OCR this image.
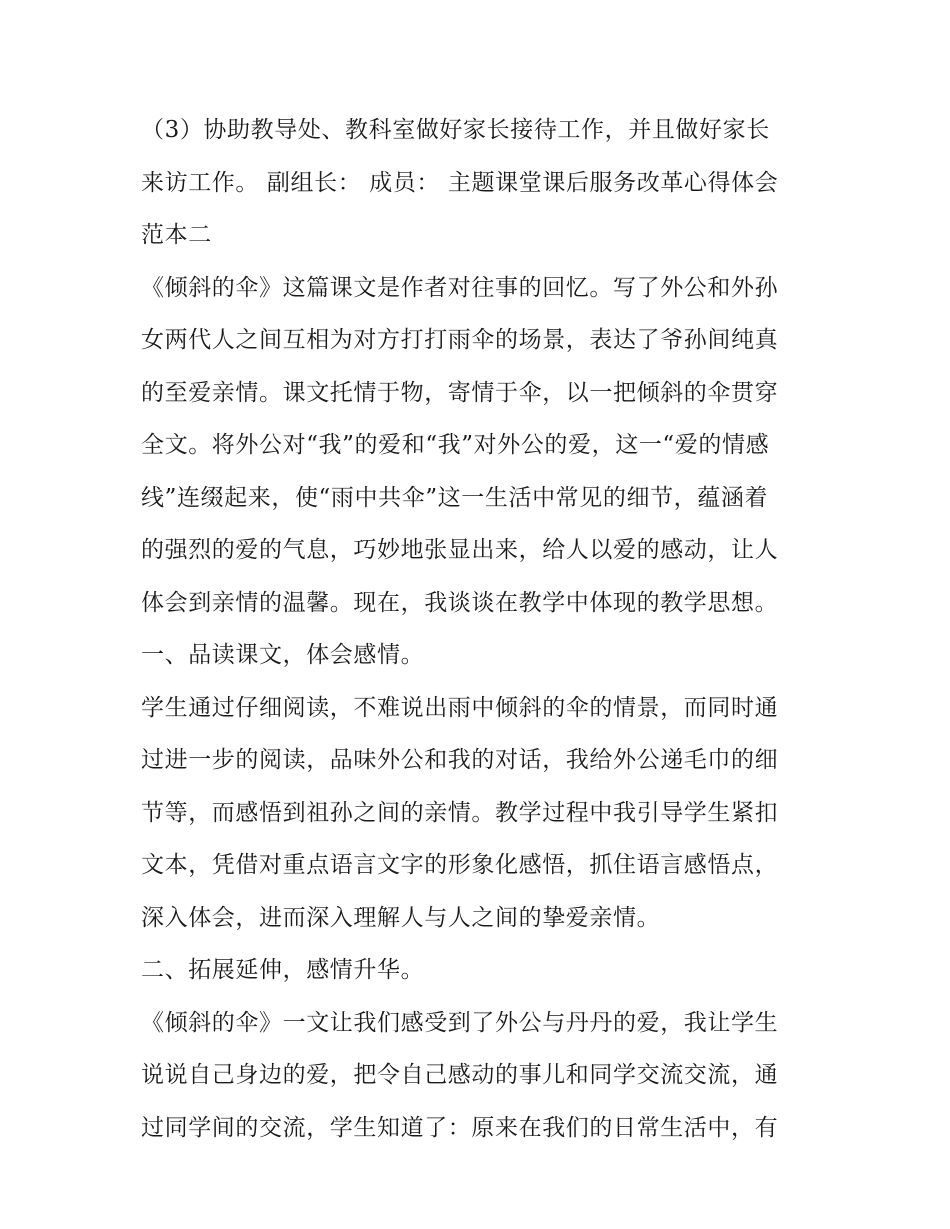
（3）协助教导处、教科室做好家长接待工作，并且做好家长
来访工作。 副组长： 成员： 主题课堂课后服务改革心得体会
范本二
《倾斜的伞》这篇课文是作者对往事的回忆。写了外公和外孙
女两代人之间互相为对方打打雨伞的场景，表达了爷孙间纯真
的至爱亲情。课文托情于物，寄情于伞，以一把倾斜的伞贯穿
全文。将外公对“我”的爱和“我”对外公的爱，这一“爱的情感
线”连缀起来，使“雨中共伞”这一生活中常见的细节，蕴涵着
的强烈的爱的气息，巧妙地张显出来，给人以爱的感动，让人
体会到亲情的温馨。现在，我谈谈在教学中体现的教学思想。
一、品读课文，体会感情。
学生通过仔细阅读，不难说出雨中倾斜的伞的情景，而同时通
过进一步的阅读，品味外公和我的对话，我给外公递毛巾的细
节等，而感悟到祖孙之间的亲情。教学过程中我引导学生紧扣
文本，凭借对重点语言文字的形象化感悟，抓住语言感悟点，
深入体会，进而深入理解人与人之间的挚爱亲情。
二、拓展延伸，感情升华。
《倾斜的伞》一文让我们感受到了外公与丹丹的爱，我让学生
说说自己身边的爱，把令自己感动的事儿和同学交流交流，通
过同学间的交流，学生知道了：原来在我们的日常生活中，有
